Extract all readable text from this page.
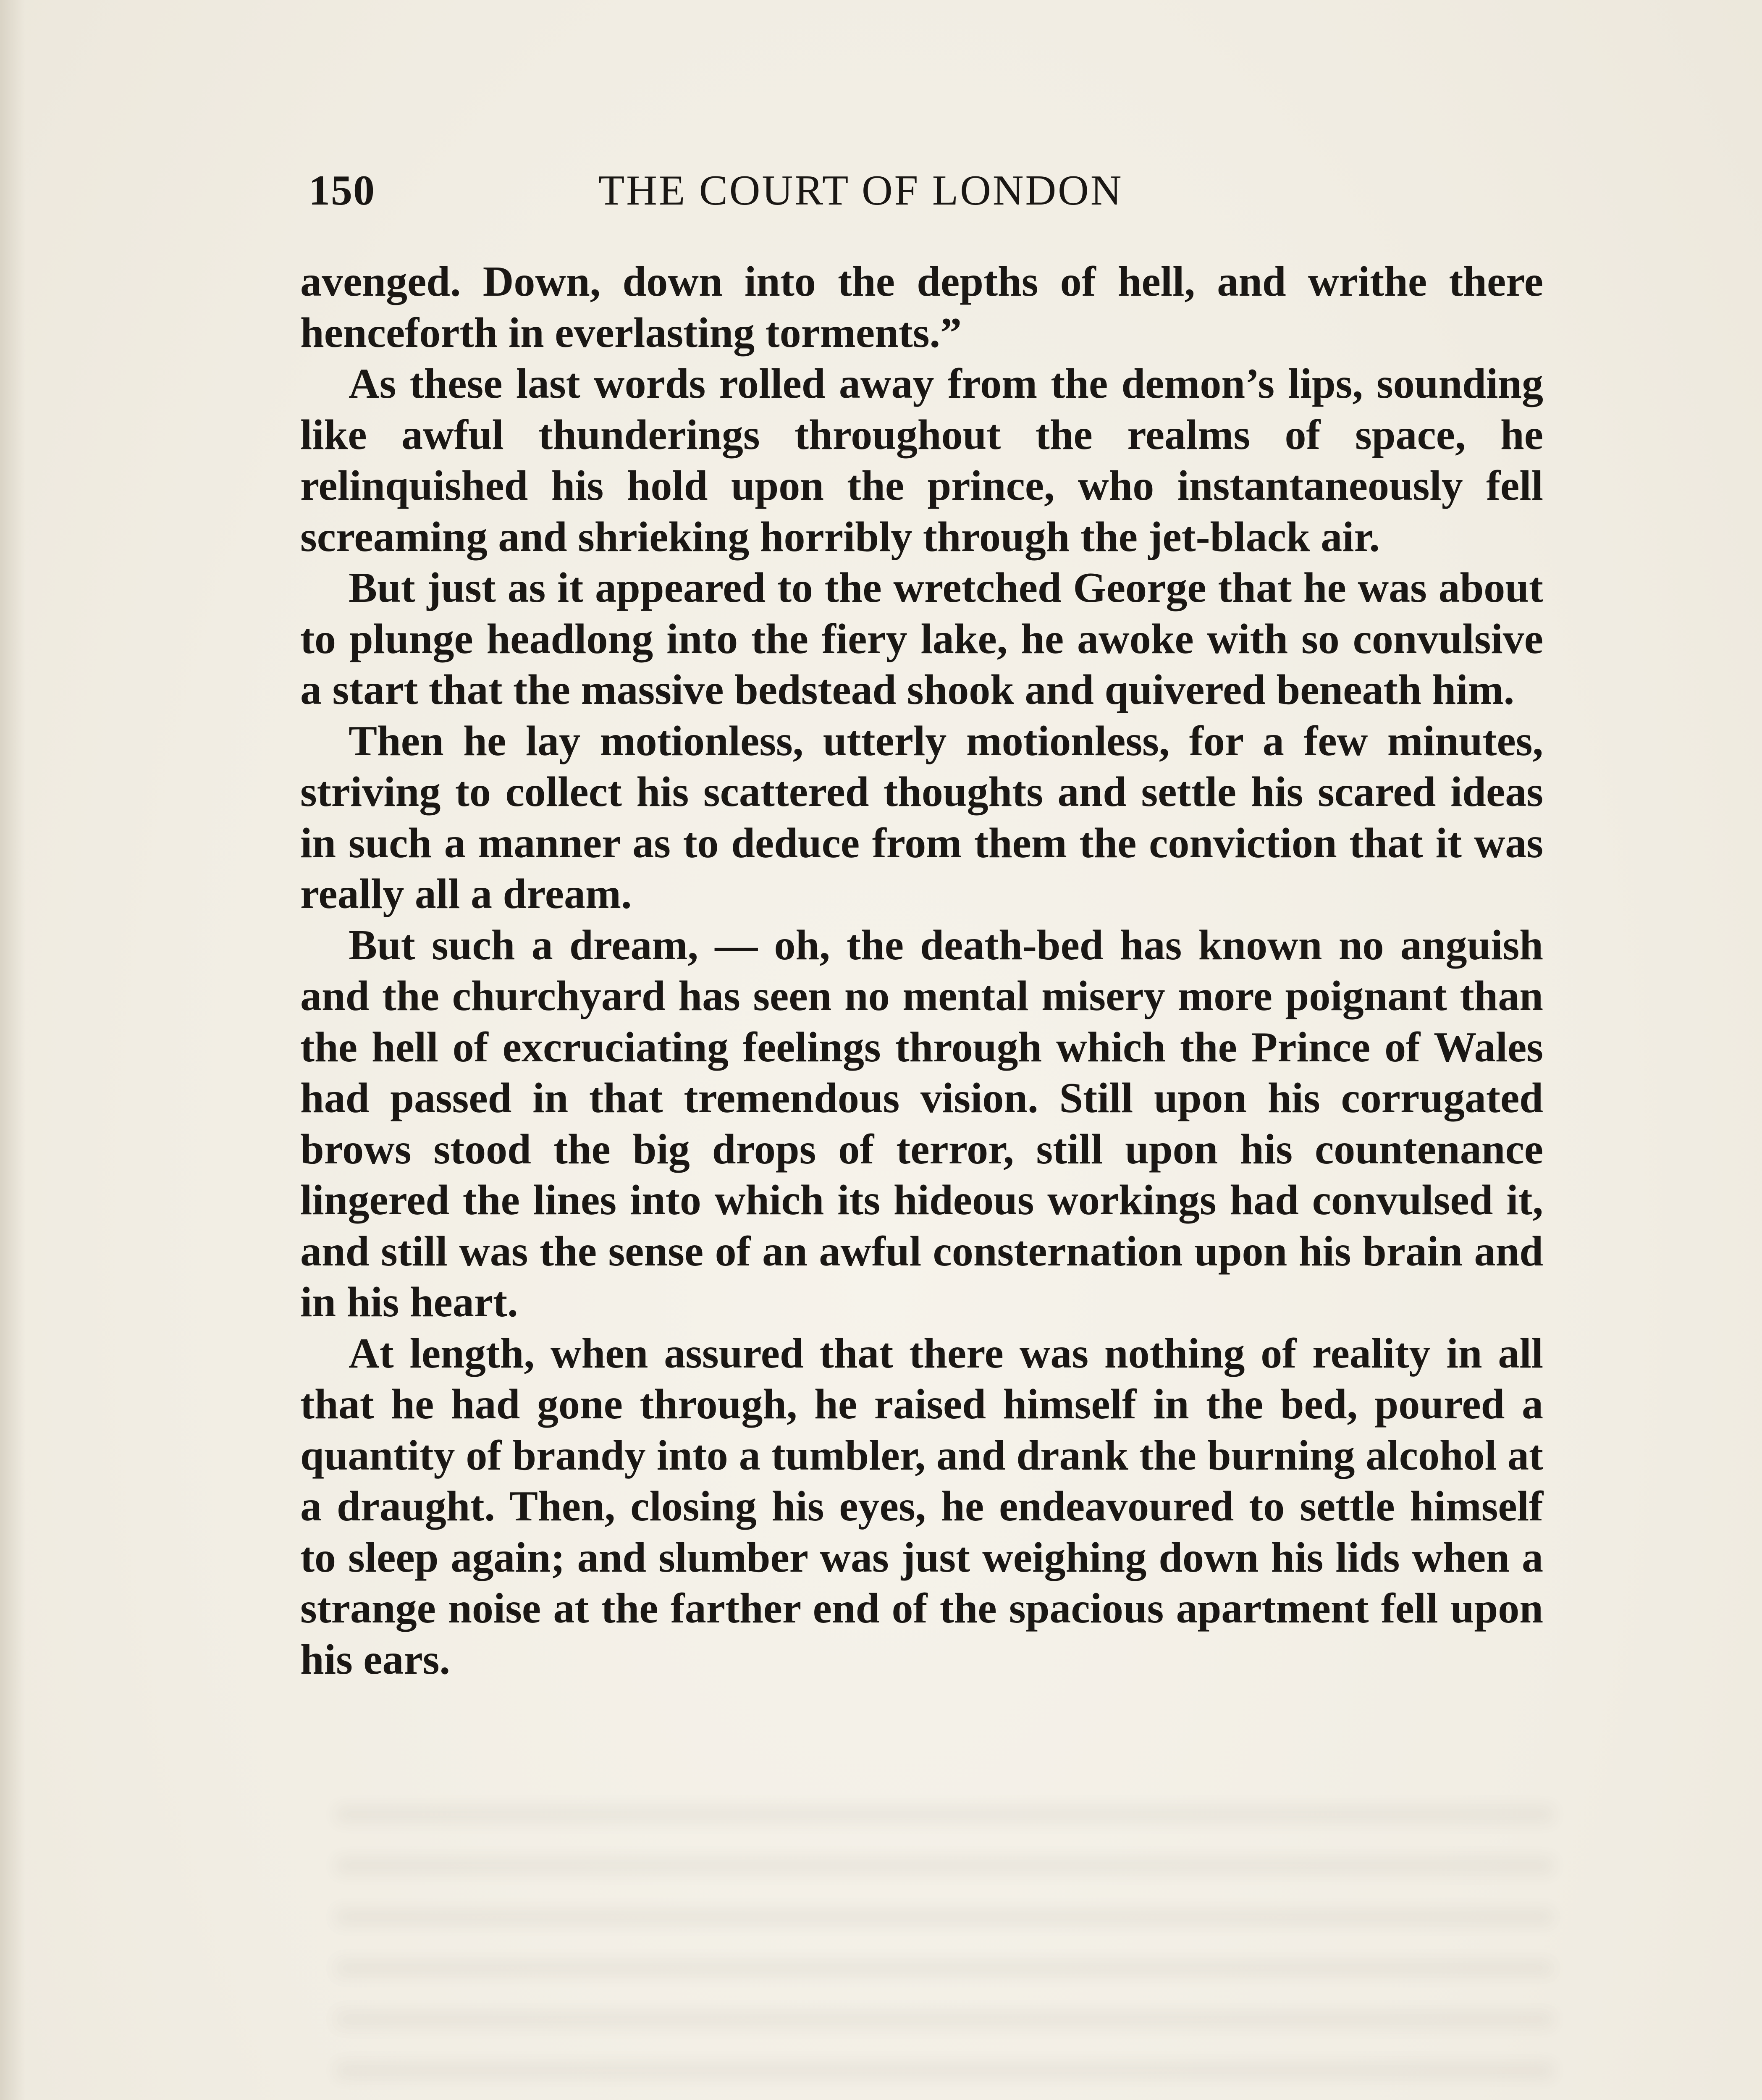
150	THE COURT OF LONDON

avenged. Down, down into the depths of hell, and writhe there henceforth in everlasting torments.”

As these last words rolled away from the demon’s lips, sounding like awful thunderings throughout the realms of space, he relinquished his hold upon the prince, who instantaneously fell screaming and shrieking horribly through the jet-black air.

But just as it appeared to the wretched George that he was about to plunge headlong into the fiery lake, he awoke with so convulsive a start that the massive bedstead shook and quivered beneath him.

Then he lay motionless, utterly motionless, for a few minutes, striving to collect his scattered thoughts and settle his scared ideas in such a manner as to deduce from them the conviction that it was really all a dream.

But such a dream, — oh, the death-bed has known no anguish and the churchyard has seen no mental misery more poignant than the hell of excruciating feelings through which the Prince of Wales had passed in that tremendous vision. Still upon his corrugated brows stood the big drops of terror, still upon his countenance lingered the lines into which its hideous workings had convulsed it, and still was the sense of an awful consternation upon his brain and in his heart.

At length, when assured that there was nothing of reality in all that he had gone through, he raised himself in the bed, poured a quantity of brandy into a tumbler, and drank the burning alcohol at a draught. Then, closing his eyes, he endeavoured to settle himself to sleep again; and slumber was just weighing down his lids when a strange noise at the farther end of the spacious apartment fell upon his ears.
